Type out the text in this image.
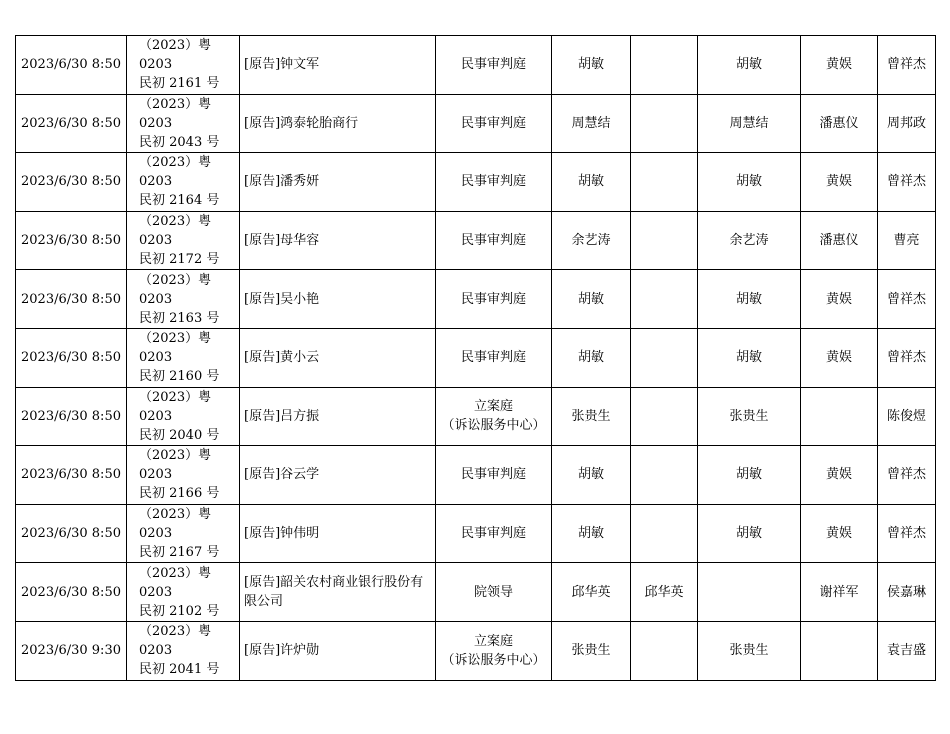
2023/6/30 8:50	（2023）粤 0203
民初 2161 号	[原告]钟文军	民事审判庭	胡敏		胡敏	黄娱	曾祥杰
2023/6/30 8:50	（2023）粤 0203
民初 2043 号	[原告]鸿泰轮胎商行	民事审判庭	周慧结		周慧结	潘惠仪	周邦政
2023/6/30 8:50	（2023）粤 0203
民初 2164 号	[原告]潘秀妍	民事审判庭	胡敏		胡敏	黄娱	曾祥杰
2023/6/30 8:50	（2023）粤 0203
民初 2172 号	[原告]母华容	民事审判庭	余艺涛		余艺涛	潘惠仪	曹亮
2023/6/30 8:50	（2023）粤 0203
民初 2163 号	[原告]吴小艳	民事审判庭	胡敏		胡敏	黄娱	曾祥杰
2023/6/30 8:50	（2023）粤 0203
民初 2160 号	[原告]黄小云	民事审判庭	胡敏		胡敏	黄娱	曾祥杰
2023/6/30 8:50	（2023）粤 0203
民初 2040 号	[原告]吕方振	立案庭
（诉讼服务中心）	张贵生		张贵生		陈俊煜
2023/6/30 8:50	（2023）粤 0203
民初 2166 号	[原告]谷云学	民事审判庭	胡敏		胡敏	黄娱	曾祥杰
2023/6/30 8:50	（2023）粤 0203
民初 2167 号	[原告]钟伟明	民事审判庭	胡敏		胡敏	黄娱	曾祥杰
2023/6/30 8:50	（2023）粤 0203
民初 2102 号	[原告]韶关农村商业银行股份有限公司	院领导	邱华英	邱华英		谢祥军	侯嘉琳
2023/6/30 9:30	（2023）粤 0203
民初 2041 号	[原告]许炉勋	立案庭
（诉讼服务中心）	张贵生		张贵生		袁吉盛
